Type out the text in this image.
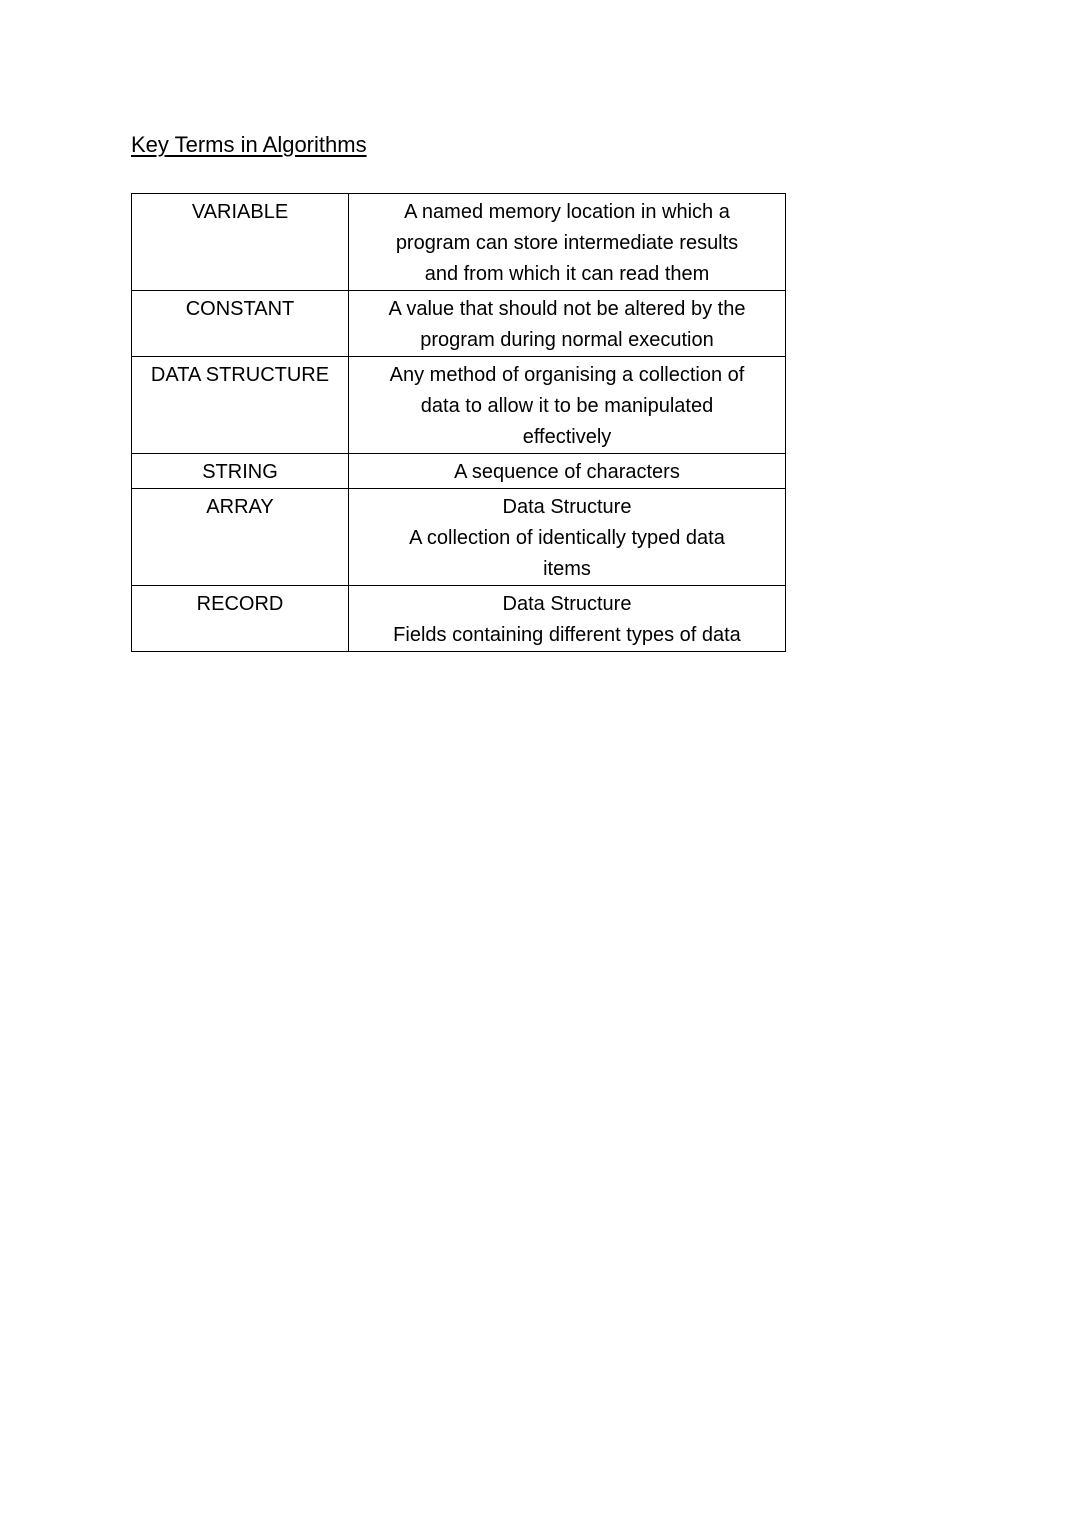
Key Terms in Algorithms
VARIABLE	A named memory location in which a
program can store intermediate results
and from which it can read them

CONSTANT	A value that should not be altered by the
program during normal execution

DATA STRUCTURE	Any method of organising a collection of
data to allow it to be manipulated
effectively

STRING	A sequence of characters

ARRAY	Data Structure
A collection of identically typed data
items

RECORD	Data Structure
Fields containing different types of data
